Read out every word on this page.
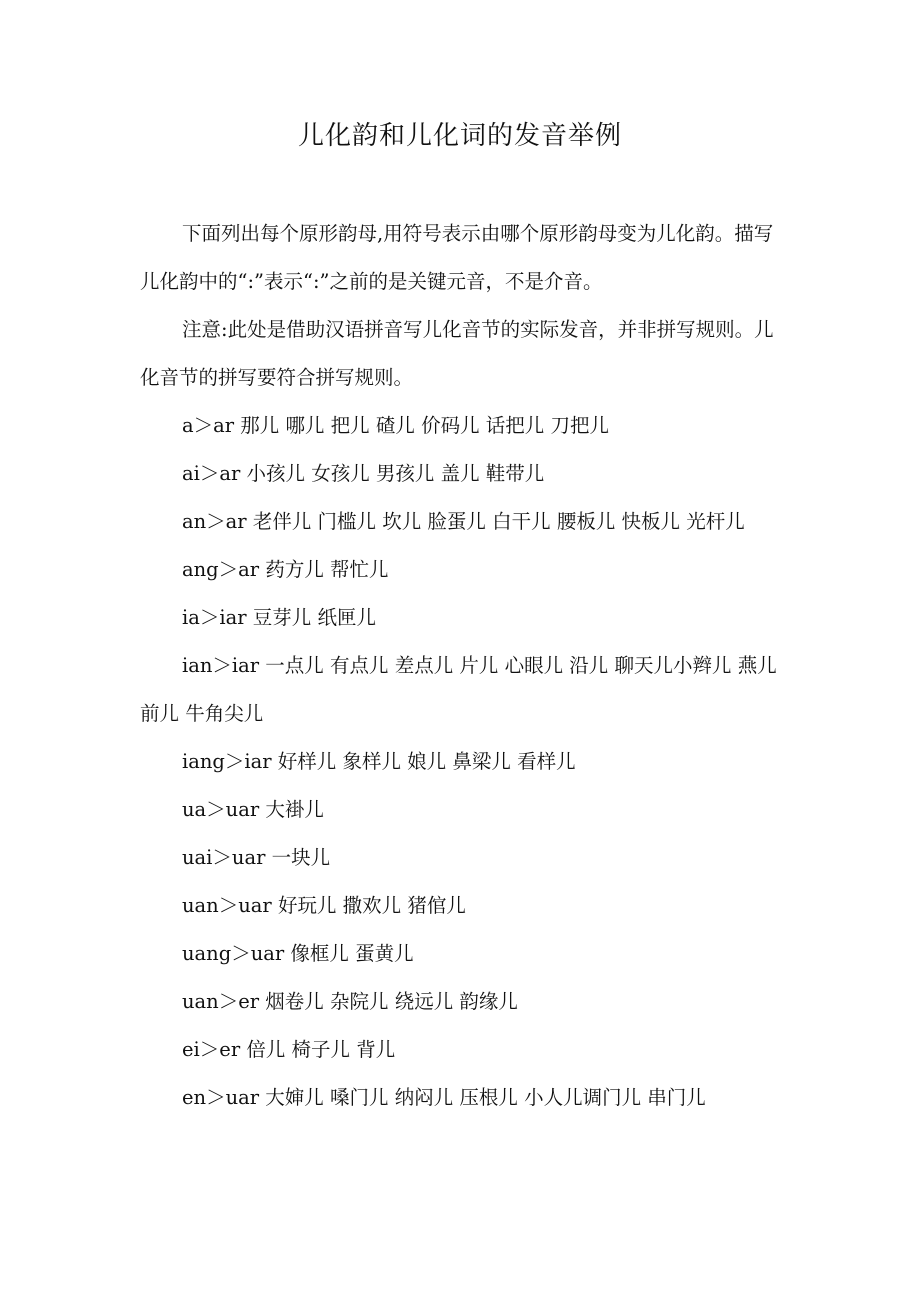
儿化韵和儿化词的发音举例

下面列出每个原形韵母,用符号表示由哪个原形韵母变为儿化韵。描写儿化韵中的“:”表示“:”之前的是关键元音，不是介音。

注意:此处是借助汉语拼音写儿化音节的实际发音，并非拼写规则。儿化音节的拼写要符合拼写规则。

a＞ar 那儿 哪儿 把儿 碴儿 价码儿 话把儿 刀把儿

ai＞ar 小孩儿 女孩儿 男孩儿 盖儿 鞋带儿

an＞ar 老伴儿 门槛儿 坎儿 脸蛋儿 白干儿 腰板儿 快板儿 光杆儿

ang＞ar 药方儿 帮忙儿

ia＞iar 豆芽儿 纸匣儿

ian＞iar 一点儿 有点儿 差点儿 片儿 心眼儿 沿儿 聊天儿小辫儿 燕儿 前儿 牛角尖儿

iang＞iar 好样儿 象样儿 娘儿 鼻梁儿 看样儿

ua＞uar 大褂儿

uai＞uar 一块儿

uan＞uar 好玩儿 撒欢儿 猪倌儿

uang＞uar 像框儿 蛋黄儿

uan＞er 烟卷儿 杂院儿 绕远儿 韵缘儿

ei＞er 倍儿 椅子儿 背儿

en＞uar 大婶儿 嗓门儿 纳闷儿 压根儿 小人儿调门儿 串门儿
